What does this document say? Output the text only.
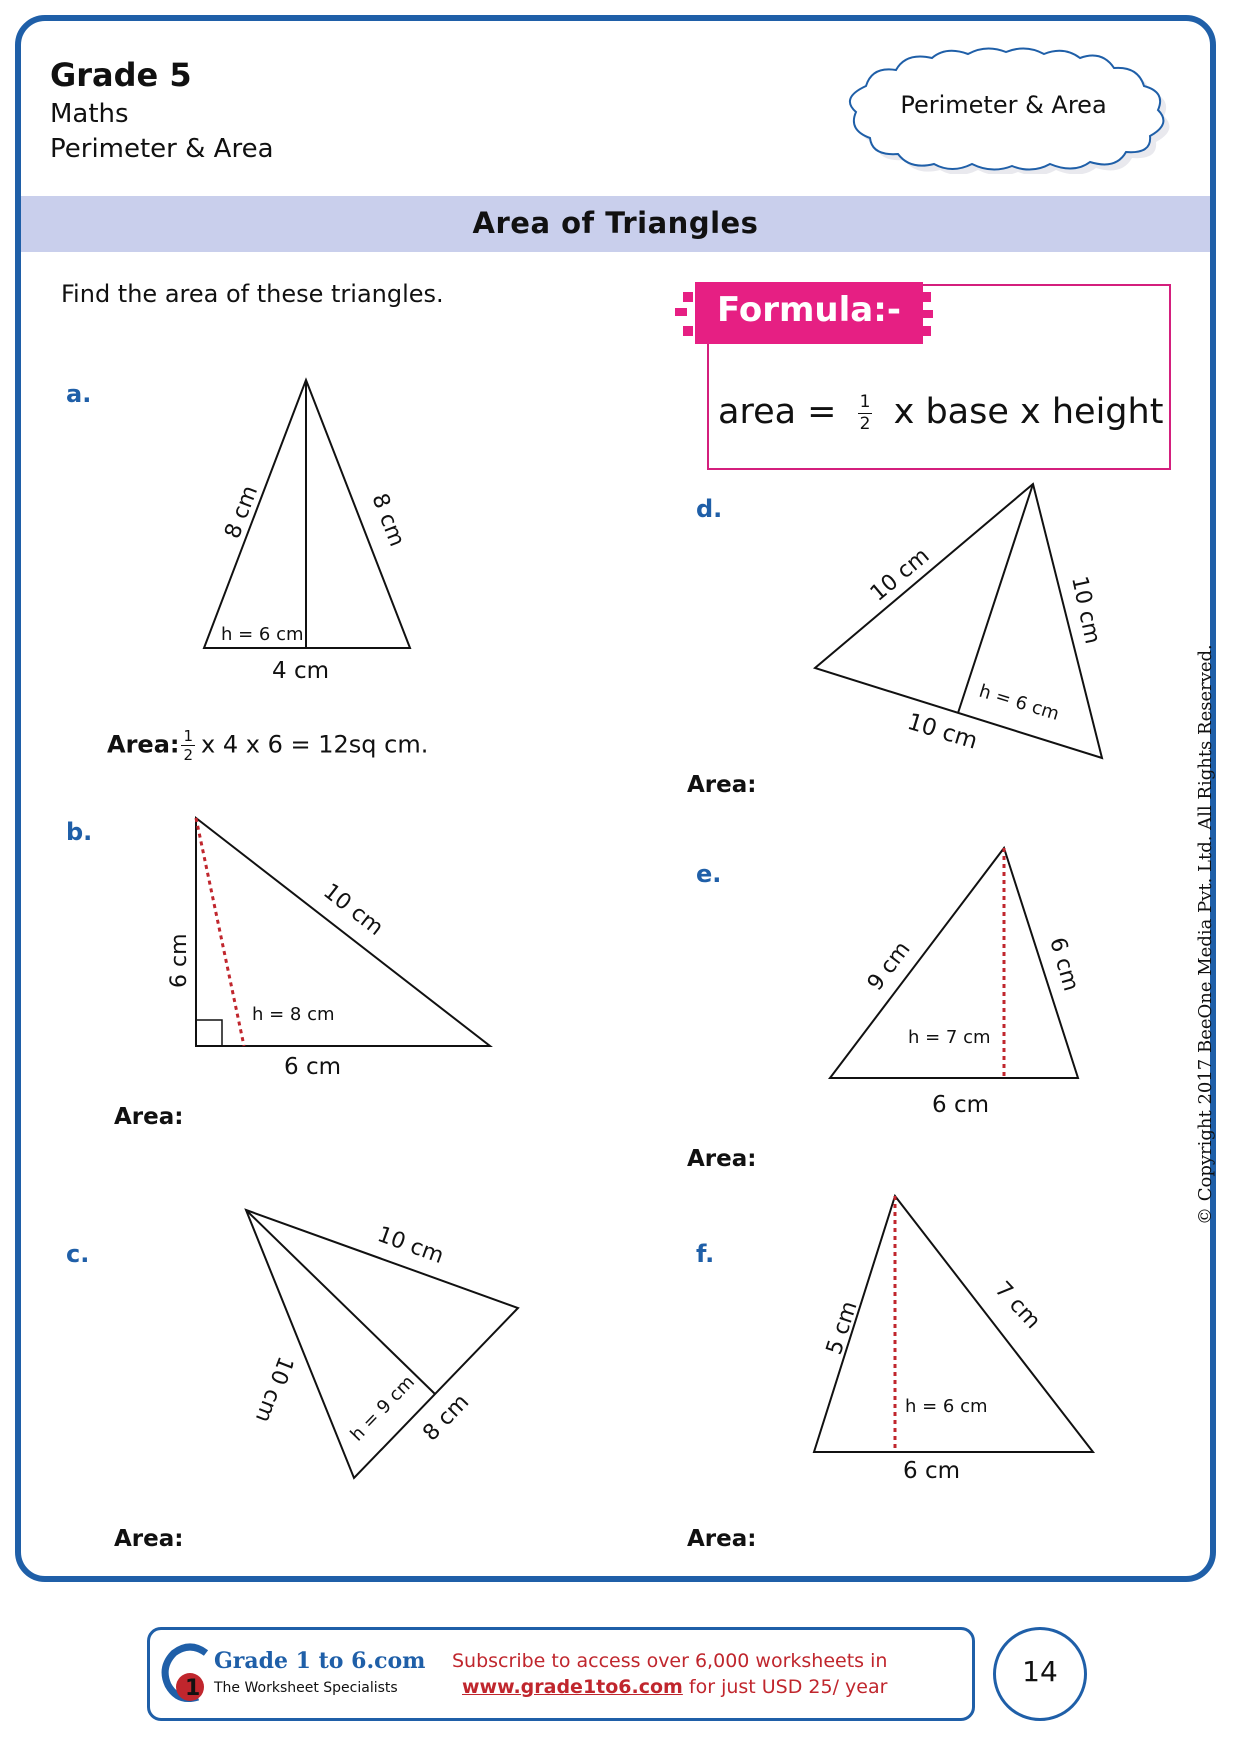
Grade 5
Maths
Perimeter & Area
Perimeter & Area
Area of Triangles
Find the area of these triangles.	Formula:-
area = $\frac{1}{2}$ x base x height
a.
b.
c.
d.
e.
f.
Area: $\frac{1}{2}$ x 4 x 6 = 12sq cm.
Area:
Area:
Area:
Area:
Area:
8 cm	8 cm
h = 6 cm
4 cm
6 cm
10 cm
h = 8 cm
6 cm
10 cm
10 cm	h = 9 cm 8 cm
10 cm	10 cm
h = 6 cm
10 cm
9 cm	6 cm
h = 7 cm
6 cm
5 cm	7 cm
h = 6 cm
6 cm
© Copyright 2017 BeeOne Media Pvt. Ltd. All Rights Reserved.
1
Grade 1 to 6.com
The Worksheet Specialists
Subscribe to access over 6,000 worksheets in
www.grade1to6.com for just USD 25/ year	14
